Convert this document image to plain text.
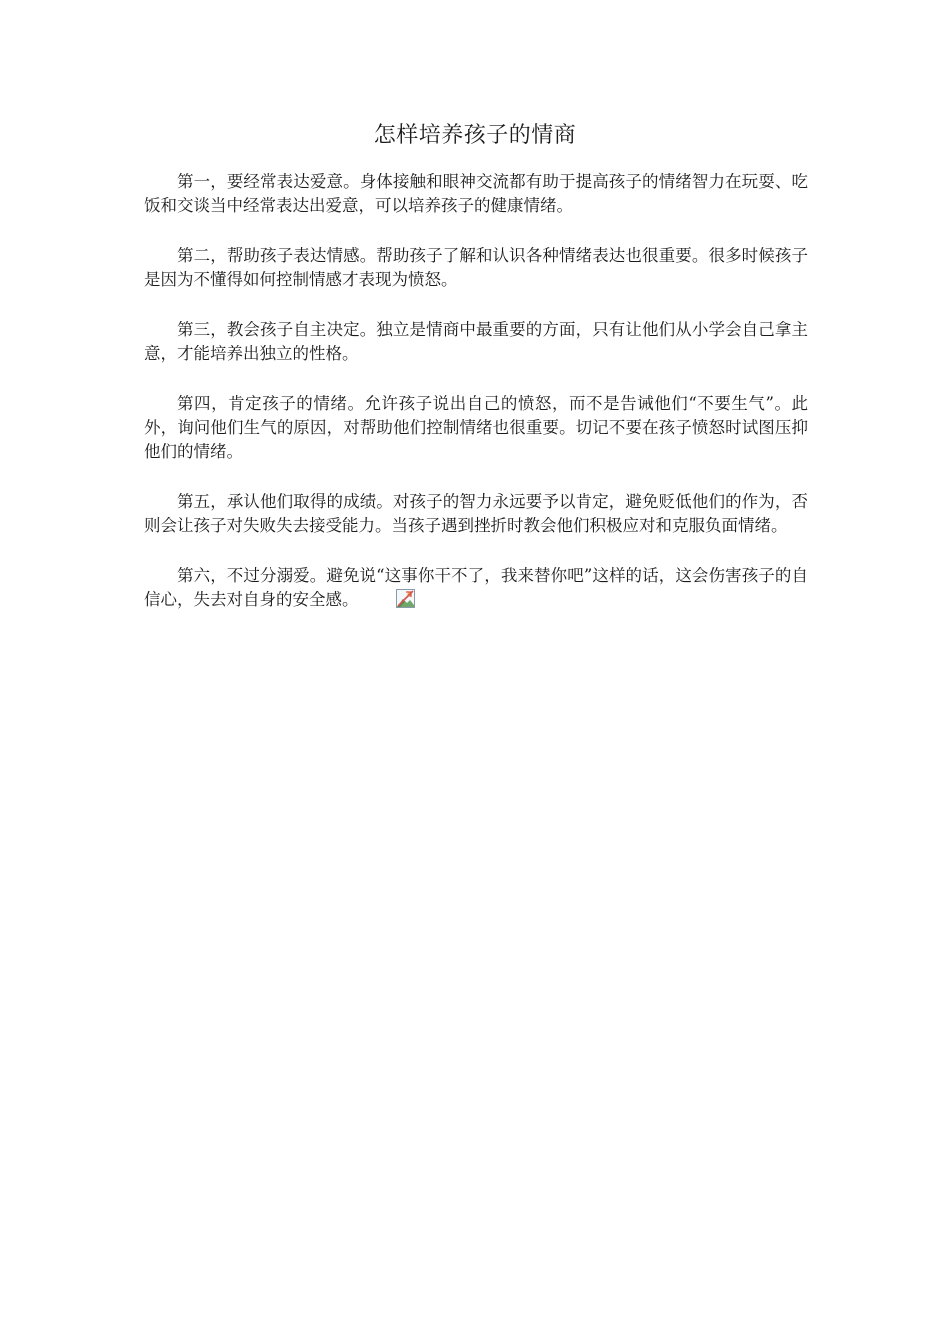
怎样培养孩子的情商

第一，要经常表达爱意。身体接触和眼神交流都有助于提高孩子的情绪智力在玩耍、吃饭和交谈当中经常表达出爱意，可以培养孩子的健康情绪。

第二，帮助孩子表达情感。帮助孩子了解和认识各种情绪表达也很重要。很多时候孩子是因为不懂得如何控制情感才表现为愤怒。

第三，教会孩子自主决定。独立是情商中最重要的方面，只有让他们从小学会自己拿主意，才能培养出独立的性格。

第四，肯定孩子的情绪。允许孩子说出自己的愤怒，而不是告诫他们“不要生气”。此外，询问他们生气的原因，对帮助他们控制情绪也很重要。切记不要在孩子愤怒时试图压抑他们的情绪。

第五，承认他们取得的成绩。对孩子的智力永远要予以肯定，避免贬低他们的作为，否则会让孩子对失败失去接受能力。当孩子遇到挫折时教会他们积极应对和克服负面情绪。

第六，不过分溺爱。避免说“这事你干不了，我来替你吧”这样的话，这会伤害孩子的自信心，失去对自身的安全感。
